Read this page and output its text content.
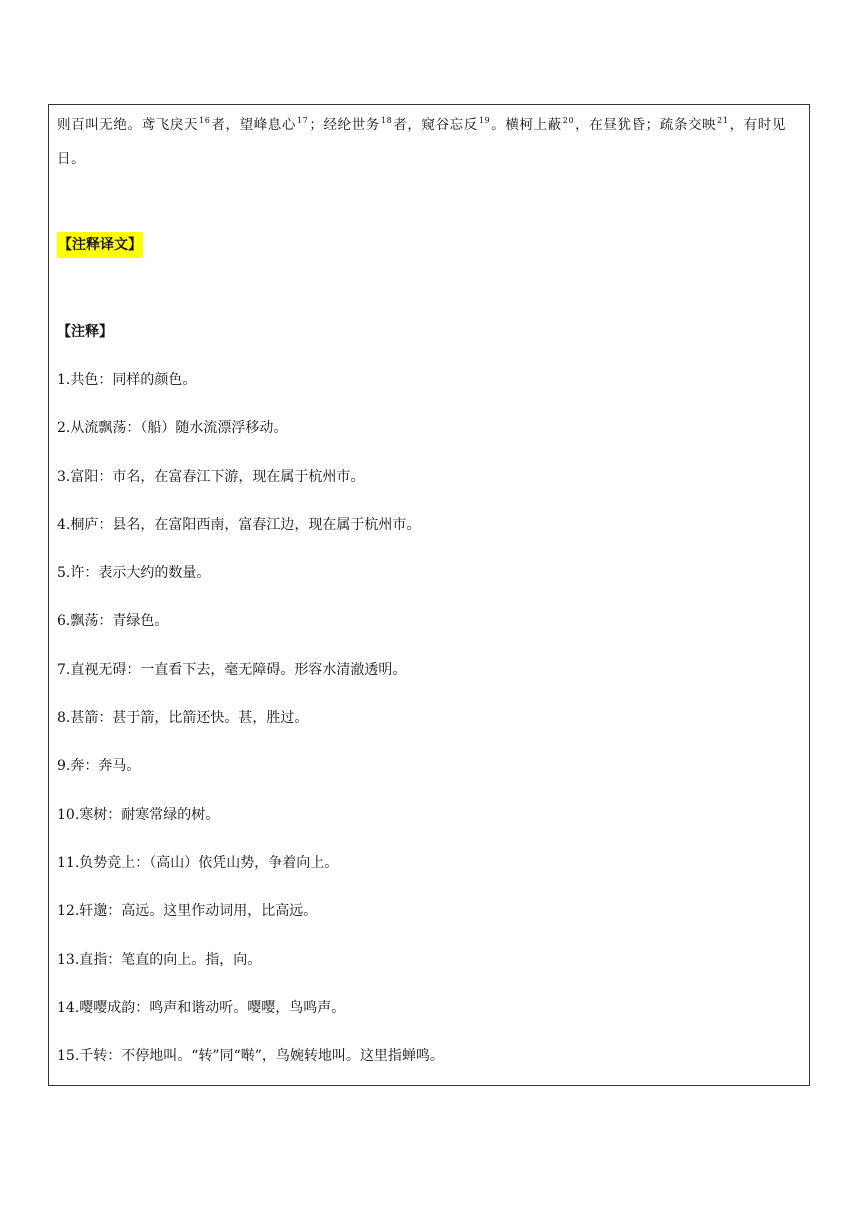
则百叫无绝。鸢飞戾天$^{16}$者，望峰息心$^{17}$；经纶世务$^{18}$者，窥谷忘反$^{19}$。横柯上蔽$^{20}$，在昼犹昏；疏条交映$^{21}$，有时见日。

【注释译文】
【注释】
1.共色：同样的颜色。
2.从流飘荡：（船）随水流漂浮移动。
3.富阳：市名，在富春江下游，现在属于杭州市。
4.桐庐：县名，在富阳西南，富春江边，现在属于杭州市。
5.许：表示大约的数量。
6.飘荡：青绿色。
7.直视无碍：一直看下去，毫无障碍。形容水清澈透明。
8.甚箭：甚于箭，比箭还快。甚，胜过。
9.奔：奔马。
10.寒树：耐寒常绿的树。
11.负势竞上：（高山）依凭山势，争着向上。
12.轩邈：高远。这里作动词用，比高远。
13.直指：笔直的向上。指，向。
14.嘤嘤成韵：鸣声和谐动听。嘤嘤，鸟鸣声。
15.千转：不停地叫。“转”同“啭”，鸟婉转地叫。这里指蝉鸣。
